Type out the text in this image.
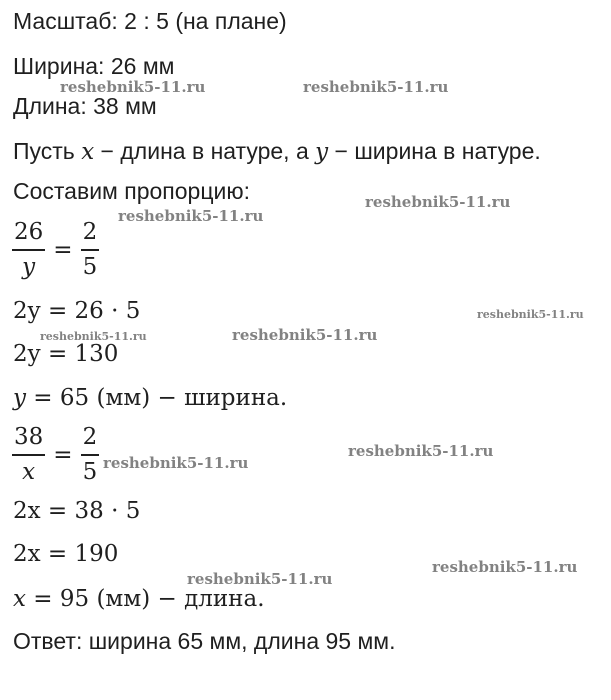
Масштаб: 2 : 5 (на плане)
Ширина: 26 мм
Длина: 38 мм
Пусть x − длина в натуре, а y − ширина в натуре.
Составим пропорцию:
26
y
=
2
5
2y = 26 · 5
2y = 130
y = 65 (мм) − ширина.
38
x
=
2
5
2x = 38 · 5
2x = 190
x = 95 (мм) − длина.
Ответ: ширина 65 мм, длина 95 мм.
reshebnik5-11.ru	reshebnik5-11.ru
reshebnik5-11.ru
reshebnik5-11.ru
reshebnik5-11.ru	reshebnik5-11.ru
reshebnik5-11.ru
reshebnik5-11.ru
reshebnik5-11.ru
reshebnik5-11.ru
reshebnik5-11.ru
